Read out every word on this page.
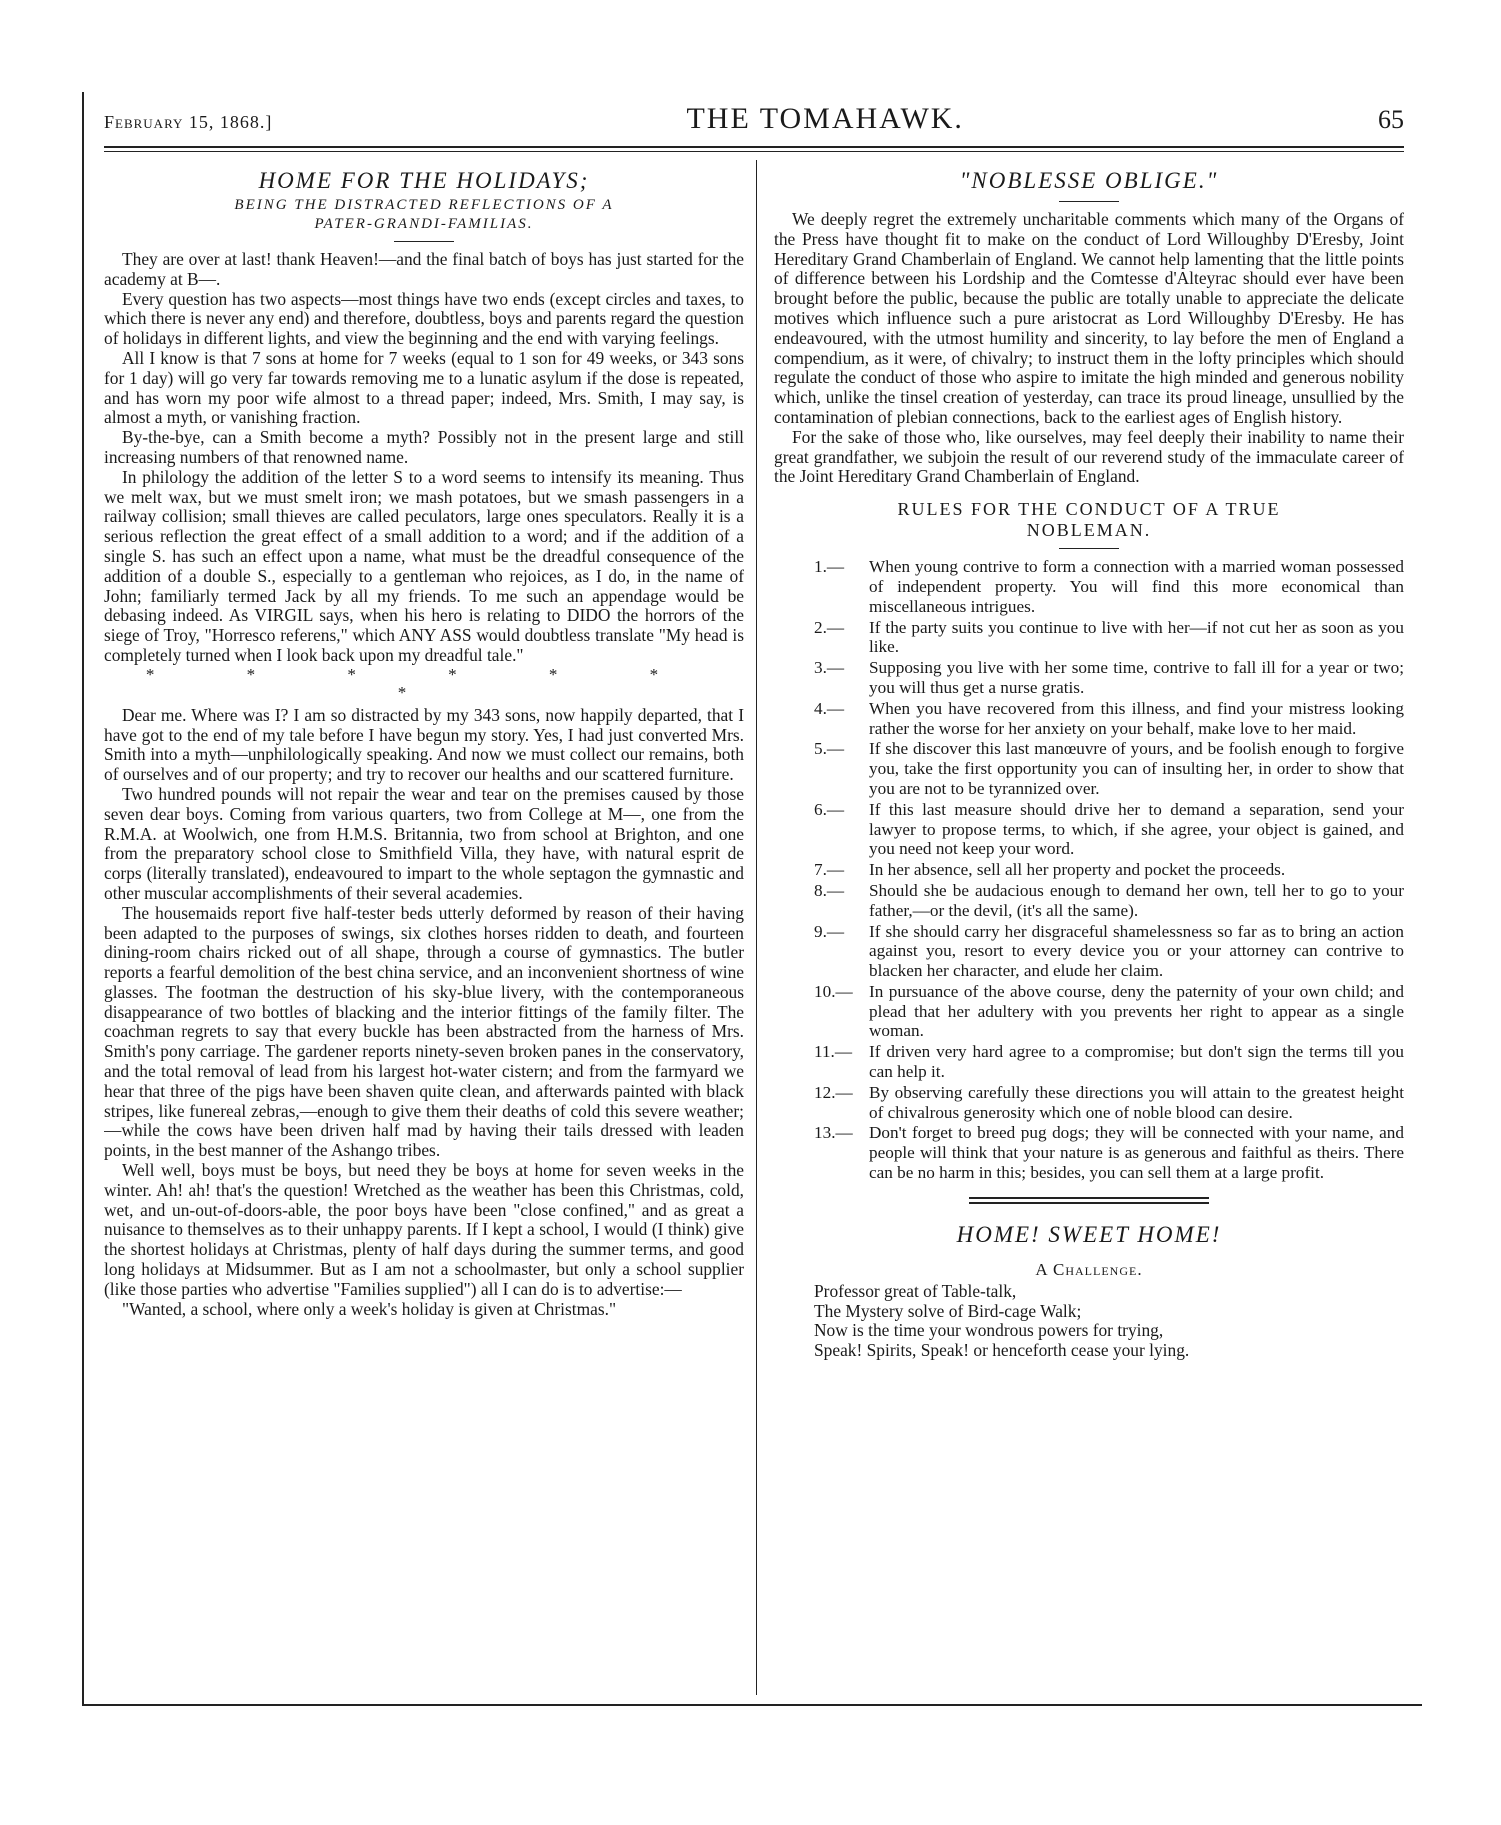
February 15, 1868.]	THE TOMAHAWK.	65
HOME FOR THE HOLIDAYS;

BEING THE DISTRACTED REFLECTIONS OF A

PATER-GRANDI-FAMILIAS.

They are over at last! thank Heaven!—and the final batch of boys has just started for the academy at B—.

Every question has two aspects—most things have two ends (except circles and taxes, to which there is never any end) and therefore, doubtless, boys and parents regard the question of holidays in different lights, and view the beginning and the end with varying feelings.

All I know is that 7 sons at home for 7 weeks (equal to 1 son for 49 weeks, or 343 sons for 1 day) will go very far towards removing me to a lunatic asylum if the dose is repeated, and has worn my poor wife almost to a thread paper; indeed, Mrs. Smith, I may say, is almost a myth, or vanishing fraction.

By-the-bye, can a Smith become a myth? Possibly not in the present large and still increasing numbers of that renowned name.

In philology the addition of the letter S to a word seems to intensify its meaning. Thus we melt wax, but we must smelt iron; we mash potatoes, but we smash passengers in a railway collision; small thieves are called peculators, large ones speculators. Really it is a serious reflection the great effect of a small addition to a word; and if the addition of a single S. has such an effect upon a name, what must be the dreadful consequence of the addition of a double S., especially to a gentleman who rejoices, as I do, in the name of John; familiarly termed Jack by all my friends. To me such an appendage would be debasing indeed. As VIRGIL says, when his hero is relating to DIDO the horrors of the siege of Troy, "Horresco referens," which ANY ASS would doubtless translate "My head is completely turned when I look back upon my dreadful tale."

* * * * * * *

Dear me. Where was I? I am so distracted by my 343 sons, now happily departed, that I have got to the end of my tale before I have begun my story. Yes, I had just converted Mrs. Smith into a myth—unphilologically speaking. And now we must collect our remains, both of ourselves and of our property; and try to recover our healths and our scattered furniture.

Two hundred pounds will not repair the wear and tear on the premises caused by those seven dear boys. Coming from various quarters, two from College at M—, one from the R.M.A. at Woolwich, one from H.M.S. Britannia, two from school at Brighton, and one from the preparatory school close to Smithfield Villa, they have, with natural esprit de corps (literally translated), endeavoured to impart to the whole septagon the gymnastic and other muscular accomplishments of their several academies.

The housemaids report five half-tester beds utterly deformed by reason of their having been adapted to the purposes of swings, six clothes horses ridden to death, and fourteen dining-room chairs ricked out of all shape, through a course of gymnastics. The butler reports a fearful demolition of the best china service, and an inconvenient shortness of wine glasses. The footman the destruction of his sky-blue livery, with the contemporaneous disappearance of two bottles of blacking and the interior fittings of the family filter. The coachman regrets to say that every buckle has been abstracted from the harness of Mrs. Smith's pony carriage. The gardener reports ninety-seven broken panes in the conservatory, and the total removal of lead from his largest hot-water cistern; and from the farmyard we hear that three of the pigs have been shaven quite clean, and afterwards painted with black stripes, like funereal zebras,—enough to give them their deaths of cold this severe weather;—while the cows have been driven half mad by having their tails dressed with leaden points, in the best manner of the Ashango tribes.

Well well, boys must be boys, but need they be boys at home for seven weeks in the winter. Ah! ah! that's the question! Wretched as the weather has been this Christmas, cold, wet, and un-out-of-doors-able, the poor boys have been "close confined," and as great a nuisance to themselves as to their unhappy parents. If I kept a school, I would (I think) give the shortest holidays at Christmas, plenty of half days during the summer terms, and good long holidays at Midsummer. But as I am not a schoolmaster, but only a school supplier (like those parties who advertise "Families supplied") all I can do is to advertise:—

"Wanted, a school, where only a week's holiday is given at Christmas."

"NOBLESSE OBLIGE."

We deeply regret the extremely uncharitable comments which many of the Organs of the Press have thought fit to make on the conduct of Lord Willoughby D'Eresby, Joint Hereditary Grand Chamberlain of England. We cannot help lamenting that the little points of difference between his Lordship and the Comtesse d'Alteyrac should ever have been brought before the public, because the public are totally unable to appreciate the delicate motives which influence such a pure aristocrat as Lord Willoughby D'Eresby. He has endeavoured, with the utmost humility and sincerity, to lay before the men of England a compendium, as it were, of chivalry; to instruct them in the lofty principles which should regulate the conduct of those who aspire to imitate the high minded and generous nobility which, unlike the tinsel creation of yesterday, can trace its proud lineage, unsullied by the contamination of plebian connections, back to the earliest ages of English history.

For the sake of those who, like ourselves, may feel deeply their inability to name their great grandfather, we subjoin the result of our reverend study of the immaculate career of the Joint Hereditary Grand Chamberlain of England.

RULES FOR THE CONDUCT OF A TRUE

NOBLEMAN.

1.— When young contrive to form a connection with a married woman possessed of independent property. You will find this more economical than miscellaneous intrigues.
2.— If the party suits you continue to live with her—if not cut her as soon as you like.
3.— Supposing you live with her some time, contrive to fall ill for a year or two; you will thus get a nurse gratis.
4.— When you have recovered from this illness, and find your mistress looking rather the worse for her anxiety on your behalf, make love to her maid.
5.— If she discover this last manœuvre of yours, and be foolish enough to forgive you, take the first opportunity you can of insulting her, in order to show that you are not to be tyrannized over.
6.— If this last measure should drive her to demand a separation, send your lawyer to propose terms, to which, if she agree, your object is gained, and you need not keep your word.
7.— In her absence, sell all her property and pocket the proceeds.
8.— Should she be audacious enough to demand her own, tell her to go to your father,—or the devil, (it's all the same).
9.— If she should carry her disgraceful shamelessness so far as to bring an action against you, resort to every device you or your attorney can contrive to blacken her character, and elude her claim.
10.— In pursuance of the above course, deny the paternity of your own child; and plead that her adultery with you prevents her right to appear as a single woman.
11.— If driven very hard agree to a compromise; but don't sign the terms till you can help it.
12.— By observing carefully these directions you will attain to the greatest height of chivalrous generosity which one of noble blood can desire.
13.— Don't forget to breed pug dogs; they will be connected with your name, and people will think that your nature is as generous and faithful as theirs. There can be no harm in this; besides, you can sell them at a large profit.
HOME! SWEET HOME!
A Challenge.
Professor great of Table-talk,
The Mystery solve of Bird-cage Walk;
Now is the time your wondrous powers for trying,
Speak! Spirits, Speak! or henceforth cease your lying.
